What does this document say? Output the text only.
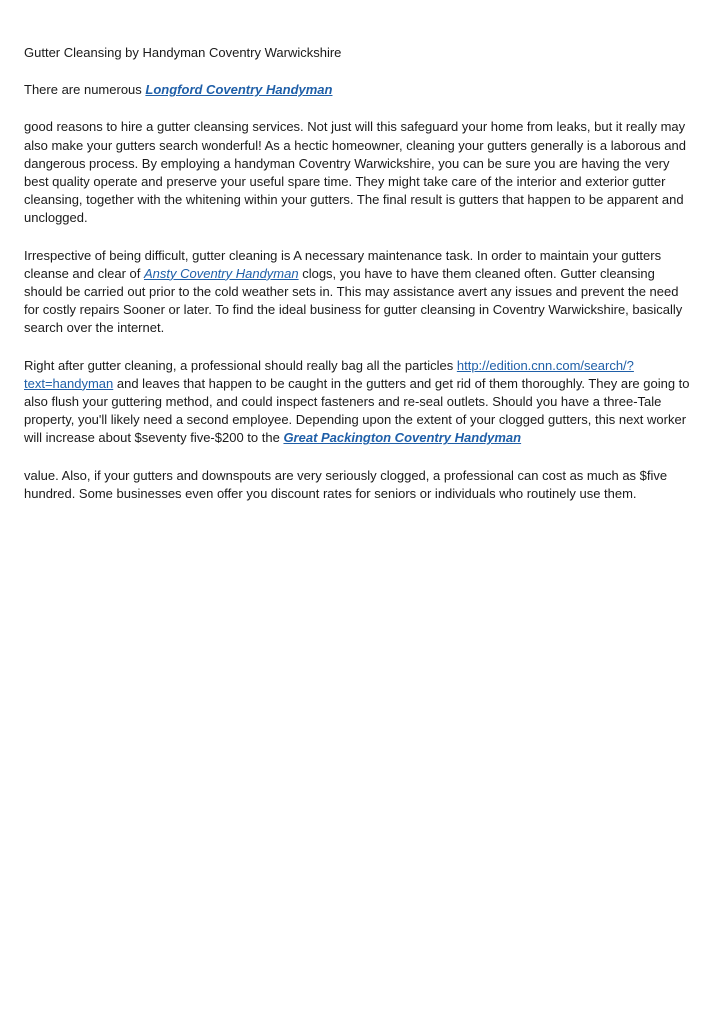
Gutter Cleansing by Handyman Coventry Warwickshire

There are numerous Longford Coventry Handyman

good reasons to hire a gutter cleansing services. Not just will this safeguard your home from leaks, but it really may also make your gutters search wonderful! As a hectic homeowner, cleaning your gutters generally is a laborous and dangerous process. By employing a handyman Coventry Warwickshire, you can be sure you are having the very best quality operate and preserve your useful spare time. They might take care of the interior and exterior gutter cleansing, together with the whitening within your gutters. The final result is gutters that happen to be apparent and unclogged.

Irrespective of being difficult, gutter cleaning is A necessary maintenance task. In order to maintain your gutters cleanse and clear of Ansty Coventry Handyman clogs, you have to have them cleaned often. Gutter cleansing should be carried out prior to the cold weather sets in. This may assistance avert any issues and prevent the need for costly repairs Sooner or later. To find the ideal business for gutter cleansing in Coventry Warwickshire, basically search over the internet.

Right after gutter cleaning, a professional should really bag all the particles http://edition.cnn.com/search/?text=handyman and leaves that happen to be caught in the gutters and get rid of them thoroughly. They are going to also flush your guttering method, and could inspect fasteners and re-seal outlets. Should you have a three-Tale property, you'll likely need a second employee. Depending upon the extent of your clogged gutters, this next worker will increase about $seventy five-$200 to the Great Packington Coventry Handyman

value. Also, if your gutters and downspouts are very seriously clogged, a professional can cost as much as $five hundred. Some businesses even offer you discount rates for seniors or individuals who routinely use them.
